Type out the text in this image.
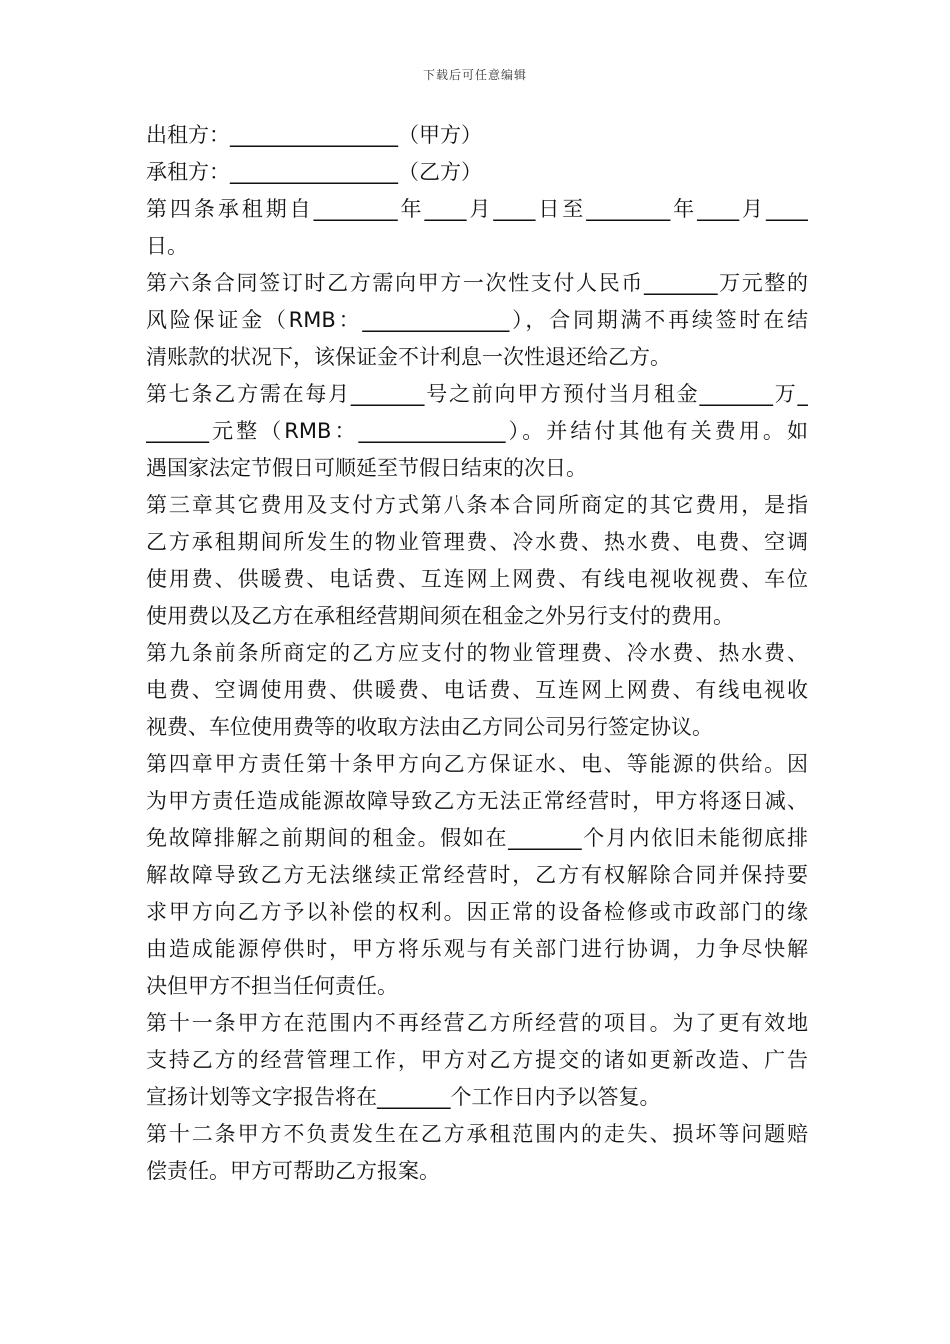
下载后可任意编辑
出租方：________________（甲方）
承租方：________________（乙方）
第四条承租期自________年____月____日至________年____月____
日。
第六条合同签订时乙方需向甲方一次性支付人民币_______万元整的
风险保证金（RMB：______________），合同期满不再续签时在结
清账款的状况下，该保证金不计利息一次性退还给乙方。
第七条乙方需在每月_______号之前向甲方预付当月租金_______万_
______元整（RMB：______________）。并结付其他有关费用。如
遇国家法定节假日可顺延至节假日结束的次日。
第三章其它费用及支付方式第八条本合同所商定的其它费用，是指
乙方承租期间所发生的物业管理费、冷水费、热水费、电费、空调
使用费、供暖费、电话费、互连网上网费、有线电视收视费、车位
使用费以及乙方在承租经营期间须在租金之外另行支付的费用。
第九条前条所商定的乙方应支付的物业管理费、冷水费、热水费、
电费、空调使用费、供暖费、电话费、互连网上网费、有线电视收
视费、车位使用费等的收取方法由乙方同公司另行签定协议。
第四章甲方责任第十条甲方向乙方保证水、电、等能源的供给。因
为甲方责任造成能源故障导致乙方无法正常经营时，甲方将逐日减、
免故障排解之前期间的租金。假如在_______个月内依旧未能彻底排
解故障导致乙方无法继续正常经营时，乙方有权解除合同并保持要
求甲方向乙方予以补偿的权利。因正常的设备检修或市政部门的缘
由造成能源停供时，甲方将乐观与有关部门进行协调，力争尽快解
决但甲方不担当任何责任。
第十一条甲方在范围内不再经营乙方所经营的项目。为了更有效地
支持乙方的经营管理工作，甲方对乙方提交的诸如更新改造、广告
宣扬计划等文字报告将在_______个工作日内予以答复。
第十二条甲方不负责发生在乙方承租范围内的走失、损坏等问题赔
偿责任。甲方可帮助乙方报案。
